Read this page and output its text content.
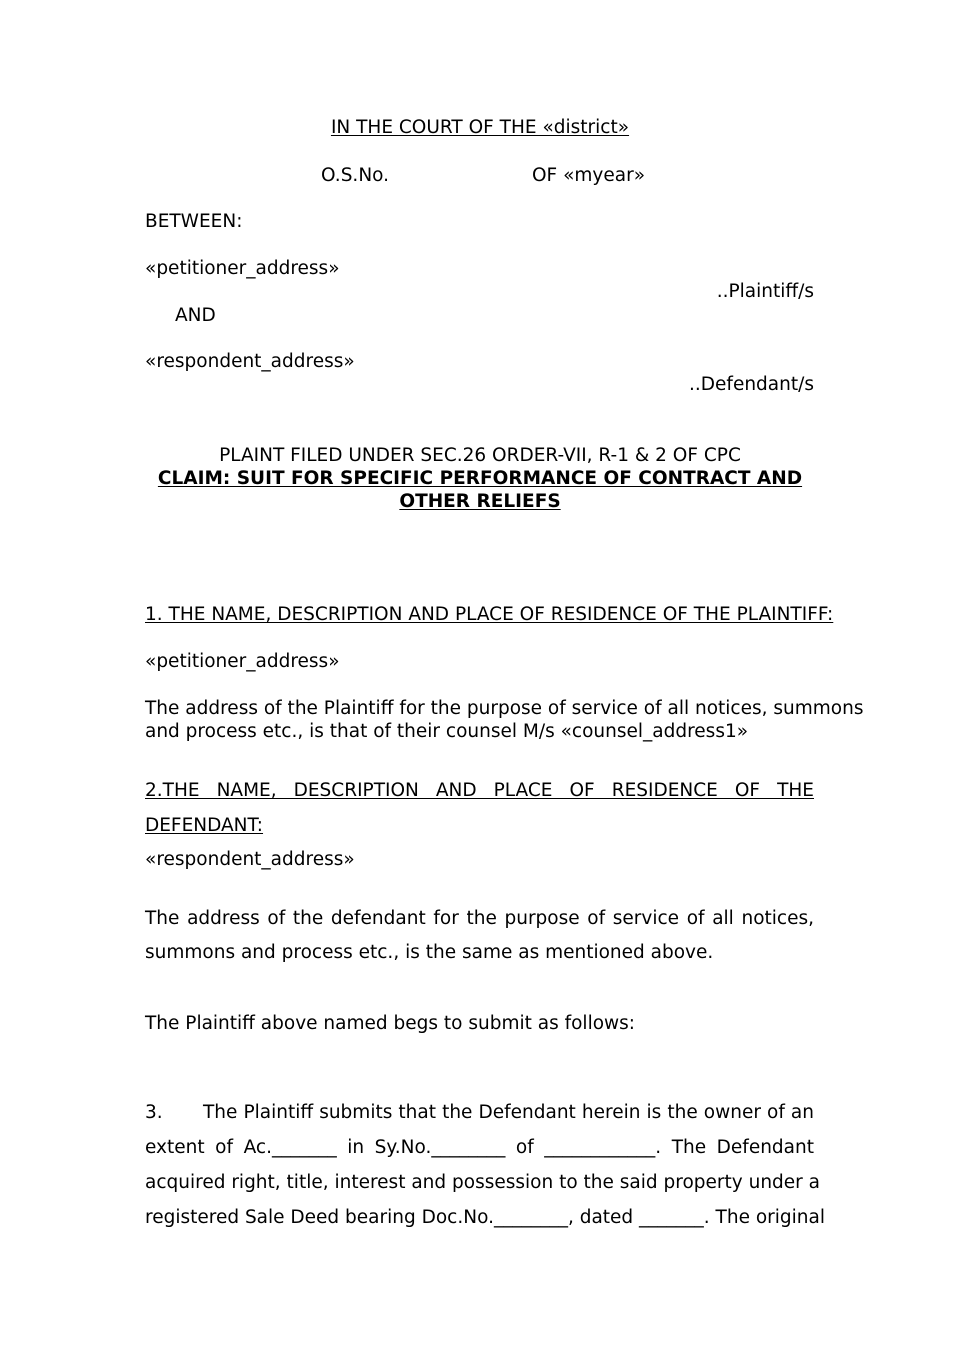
IN THE COURT OF THE «district»
O.S.No.	OF «myear»
BETWEEN:
«petitioner_address»
..Plaintiff/s
AND
«respondent_address»
..Defendant/s
PLAINT FILED UNDER SEC.26 ORDER-VII, R-1 & 2 OF CPC
CLAIM: SUIT FOR SPECIFIC PERFORMANCE OF CONTRACT AND
OTHER RELIEFS
1. THE NAME, DESCRIPTION AND PLACE OF RESIDENCE OF THE PLAINTIFF:
«petitioner_address»
The address of the Plaintiff for the purpose of service of all notices, summons
and process etc., is that of their counsel M/s «counsel_address1»
2.THE NAME, DESCRIPTION AND PLACE OF RESIDENCE OF THE
DEFENDANT:
«respondent_address»
The address of the defendant for the purpose of service of all notices,
summons and process etc., is the same as mentioned above.
The Plaintiff above named begs to submit as follows:
3. The Plaintiff submits that the Defendant herein is the owner of an
extent of Ac._______ in Sy.No.________ of ____________. The Defendant
acquired right, title, interest and possession to the said property under a
registered Sale Deed bearing Doc.No.________, dated _______. The original
